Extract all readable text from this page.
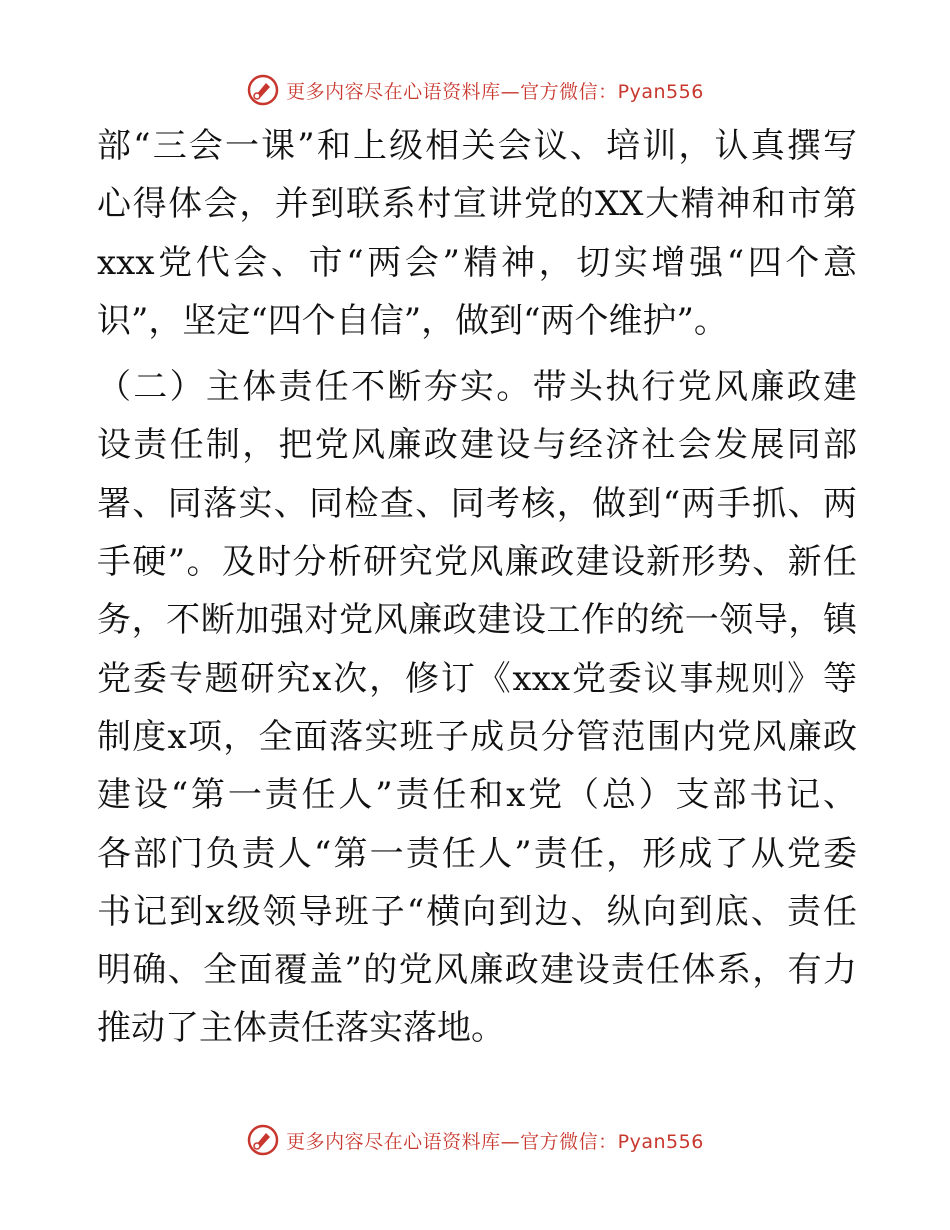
更多内容尽在心语资料库—官方微信：Pyan556
部“三会一课”和上级相关会议、培训，认真撰写
心得体会，并到联系村宣讲党的XX大精神和市第
xxx党代会、市“两会”精神，切实增强“四个意
识”，坚定“四个自信”，做到“两个维护”。
（二）主体责任不断夯实。带头执行党风廉政建
设责任制，把党风廉政建设与经济社会发展同部
署、同落实、同检查、同考核，做到“两手抓、两
手硬”。及时分析研究党风廉政建设新形势、新任
务，不断加强对党风廉政建设工作的统一领导，镇
党委专题研究x次，修订《xxx党委议事规则》等
制度x项，全面落实班子成员分管范围内党风廉政
建设“第一责任人”责任和x党（总）支部书记、
各部门负责人“第一责任人”责任，形成了从党委
书记到x级领导班子“横向到边、纵向到底、责任
明确、全面覆盖”的党风廉政建设责任体系，有力
推动了主体责任落实落地。
更多内容尽在心语资料库—官方微信：Pyan556
